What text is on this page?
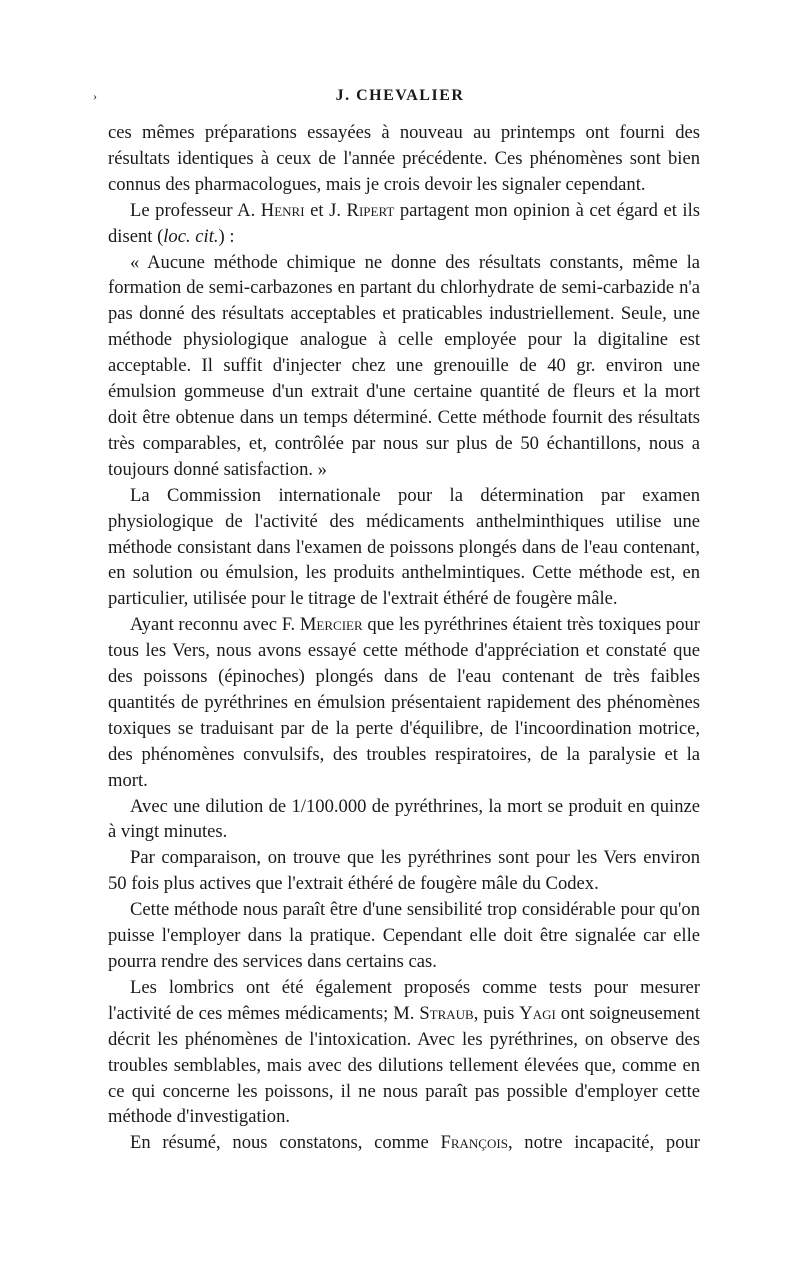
›	J. CHEVALIER

ces mêmes préparations essayées à nouveau au printemps ont fourni des résultats identiques à ceux de l'année précédente. Ces phénomènes sont bien connus des pharmacologues, mais je crois devoir les signaler cependant.

Le professeur A. Henri et J. Ripert partagent mon opinion à cet égard et ils disent (loc. cit.) :

« Aucune méthode chimique ne donne des résultats constants, même la formation de semi-carbazones en partant du chlorhydrate de semi-carbazide n'a pas donné des résultats acceptables et praticables industriellement. Seule, une méthode physiologique analogue à celle employée pour la digitaline est acceptable. Il suffit d'injecter chez une grenouille de 40 gr. environ une émulsion gommeuse d'un extrait d'une certaine quantité de fleurs et la mort doit être obtenue dans un temps déterminé. Cette méthode fournit des résultats très comparables, et, contrôlée par nous sur plus de 50 échantillons, nous a toujours donné satisfaction. »

La Commission internationale pour la détermination par examen physiologique de l'activité des médicaments anthelminthiques utilise une méthode consistant dans l'examen de poissons plongés dans de l'eau contenant, en solution ou émulsion, les produits anthelmintiques. Cette méthode est, en particulier, utilisée pour le titrage de l'extrait éthéré de fougère mâle.

Ayant reconnu avec F. Mercier que les pyréthrines étaient très toxiques pour tous les Vers, nous avons essayé cette méthode d'appréciation et constaté que des poissons (épinoches) plongés dans de l'eau contenant de très faibles quantités de pyréthrines en émulsion présentaient rapidement des phénomènes toxiques se traduisant par de la perte d'équilibre, de l'incoordination motrice, des phénomènes convulsifs, des troubles respiratoires, de la paralysie et la mort.

Avec une dilution de 1/100.000 de pyréthrines, la mort se produit en quinze à vingt minutes.

Par comparaison, on trouve que les pyréthrines sont pour les Vers environ 50 fois plus actives que l'extrait éthéré de fougère mâle du Codex.

Cette méthode nous paraît être d'une sensibilité trop considérable pour qu'on puisse l'employer dans la pratique. Cependant elle doit être signalée car elle pourra rendre des services dans certains cas.

Les lombrics ont été également proposés comme tests pour mesurer l'activité de ces mêmes médicaments; M. Straub, puis Yagi ont soigneusement décrit les phénomènes de l'intoxication. Avec les pyréthrines, on observe des troubles semblables, mais avec des dilutions tellement élevées que, comme en ce qui concerne les poissons, il ne nous paraît pas possible d'employer cette méthode d'investigation.

En résumé, nous constatons, comme François, notre incapacité, pour
